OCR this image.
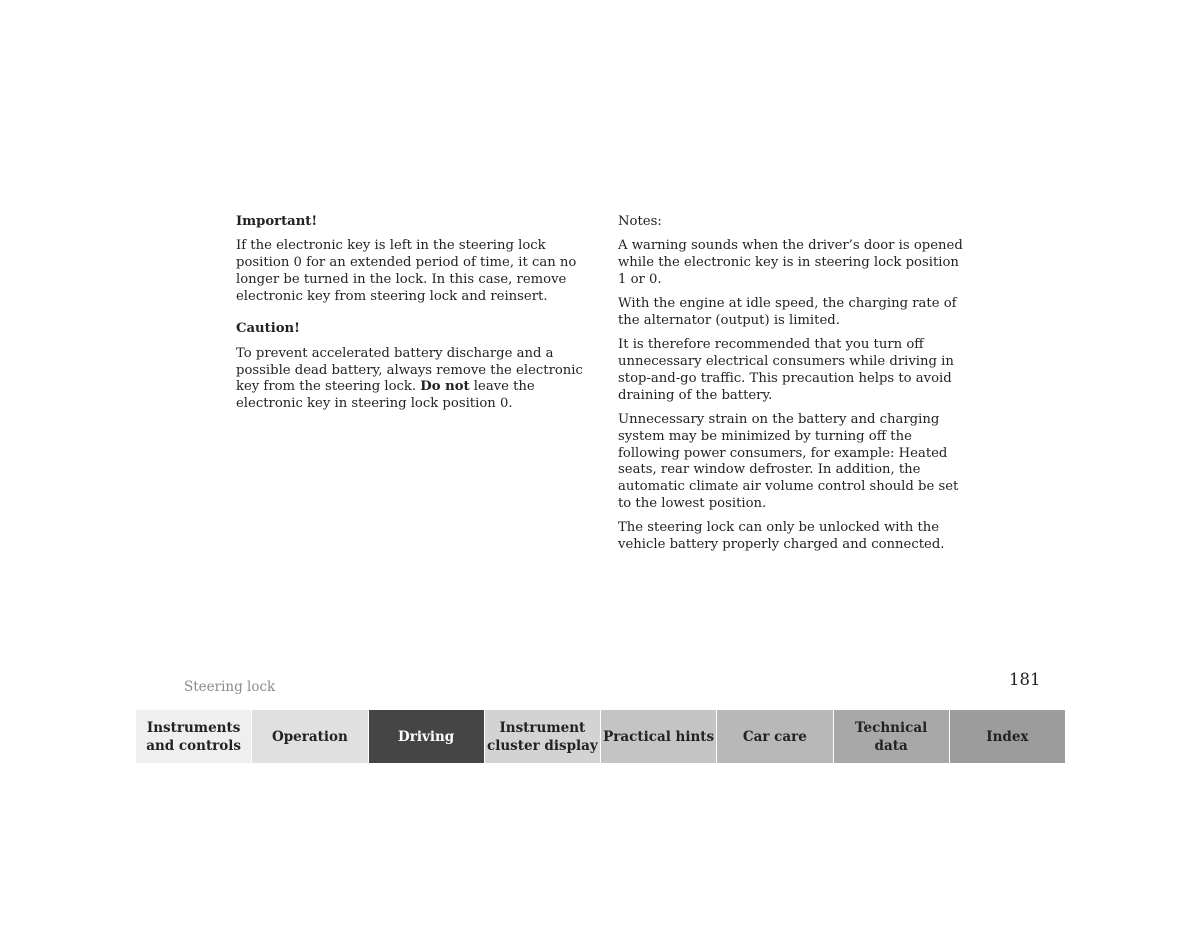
Important!

If the electronic key is left in the steering lock position 0 for an extended period of time, it can no longer be turned in the lock. In this case, remove electronic key from steering lock and reinsert.

Caution!

To prevent accelerated battery discharge and a possible dead battery, always remove the electronic key from the steering lock. Do not leave the electronic key in steering lock position 0.

Notes:

A warning sounds when the driver’s door is opened while the electronic key is in steering lock position 1 or 0.

With the engine at idle speed, the charging rate of the alternator (output) is limited.

It is therefore recommended that you turn off unnecessary electrical consumers while driving in stop-and-go traffic. This precaution helps to avoid draining of the battery.

Unnecessary strain on the battery and charging system may be minimized by turning off the following power consumers, for example: Heated seats, rear window defroster. In addition, the automatic climate air volume control should be set to the lowest position.

The steering lock can only be unlocked with the vehicle battery properly charged and connected.

Steering lock	181
Instruments
and controls
Operation	Driving
Instrument
cluster display
Practical hints	Car care
Technical
data
Index
